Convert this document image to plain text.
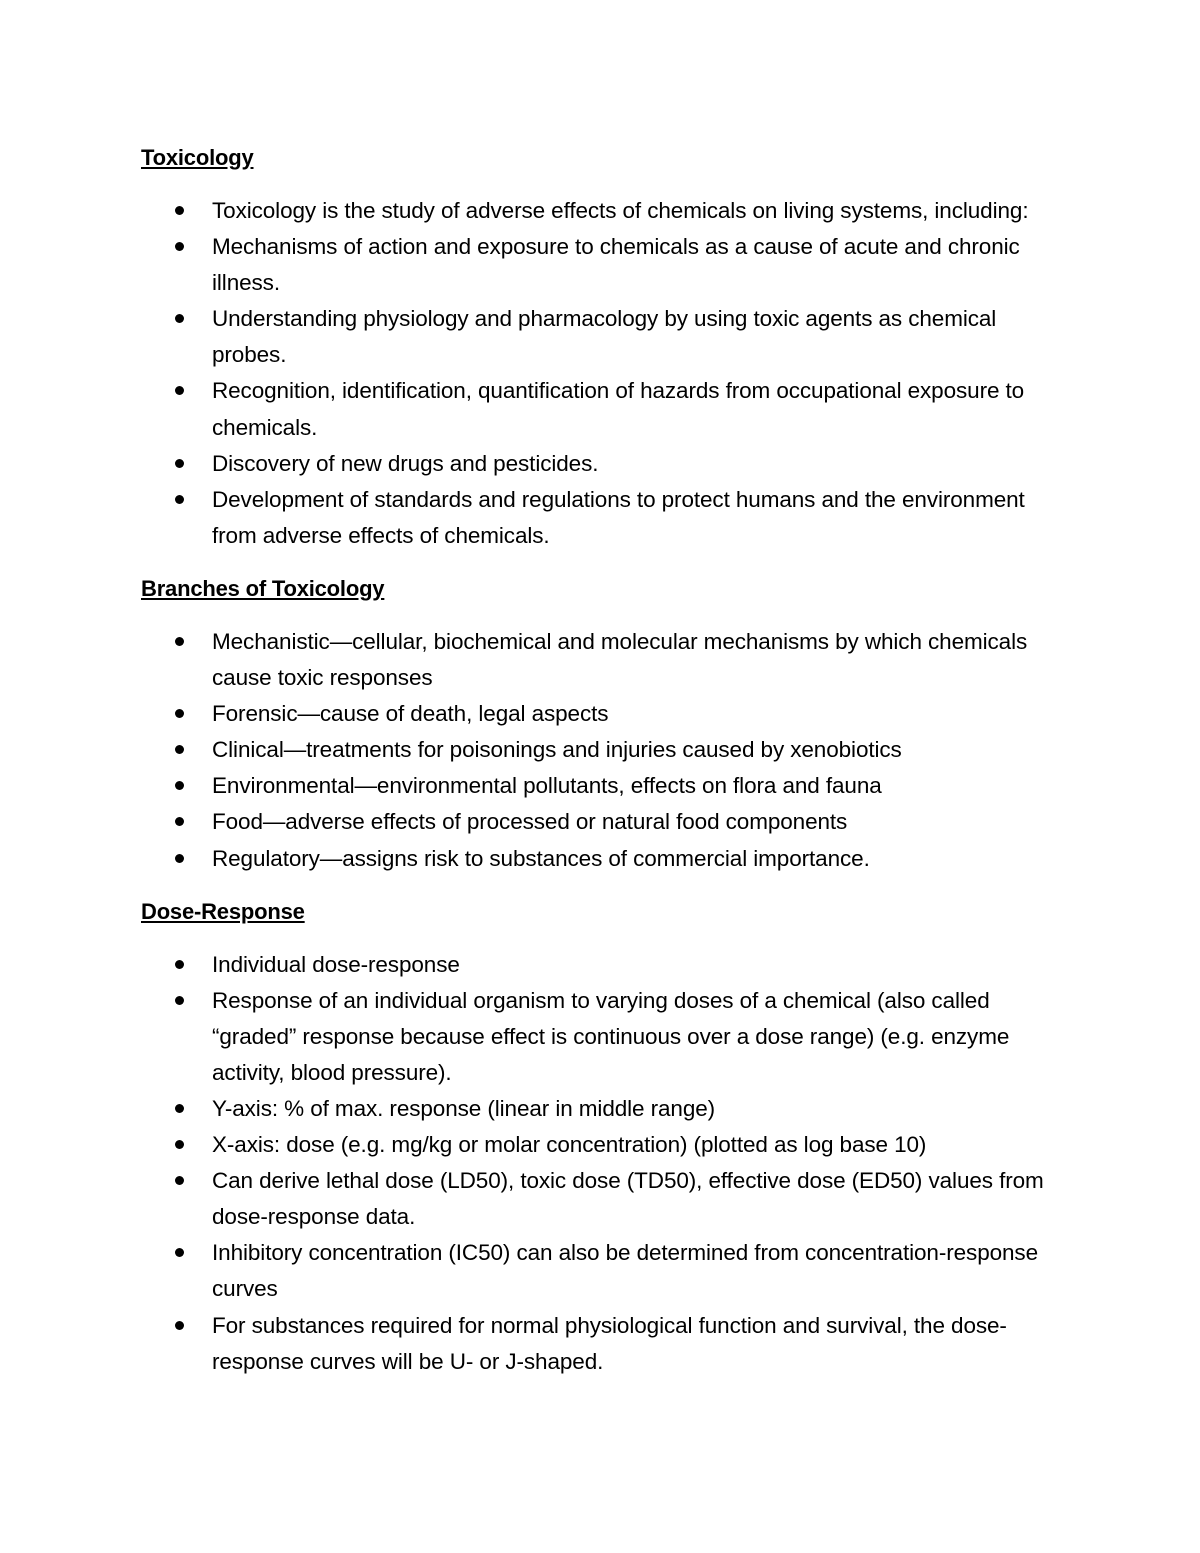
Toxicology
Toxicology is the study of adverse effects of chemicals on living systems, including:
Mechanisms of action and exposure to chemicals as a cause of acute and chronic illness.
Understanding physiology and pharmacology by using toxic agents as chemical probes.
Recognition, identification, quantification of hazards from occupational exposure to chemicals.
Discovery of new drugs and pesticides.
Development of standards and regulations to protect humans and the environment from adverse effects of chemicals.
Branches of Toxicology
Mechanistic—cellular, biochemical and molecular mechanisms by which chemicals cause toxic responses
Forensic—cause of death, legal aspects
Clinical—treatments for poisonings and injuries caused by xenobiotics
Environmental—environmental pollutants, effects on flora and fauna
Food—adverse effects of processed or natural food components
Regulatory—assigns risk to substances of commercial importance.
Dose-Response
Individual dose-response
Response of an individual organism to varying doses of a chemical (also called “graded” response because effect is continuous over a dose range) (e.g. enzyme activity, blood pressure).
Y-axis: % of max. response (linear in middle range)
X-axis: dose (e.g. mg/kg or molar concentration) (plotted as log base 10)
Can derive lethal dose (LD50), toxic dose (TD50), effective dose (ED50) values from dose-response data.
Inhibitory concentration (IC50) can also be determined from concentration-response curves
For substances required for normal physiological function and survival, the dose-response curves will be U- or J-shaped.
